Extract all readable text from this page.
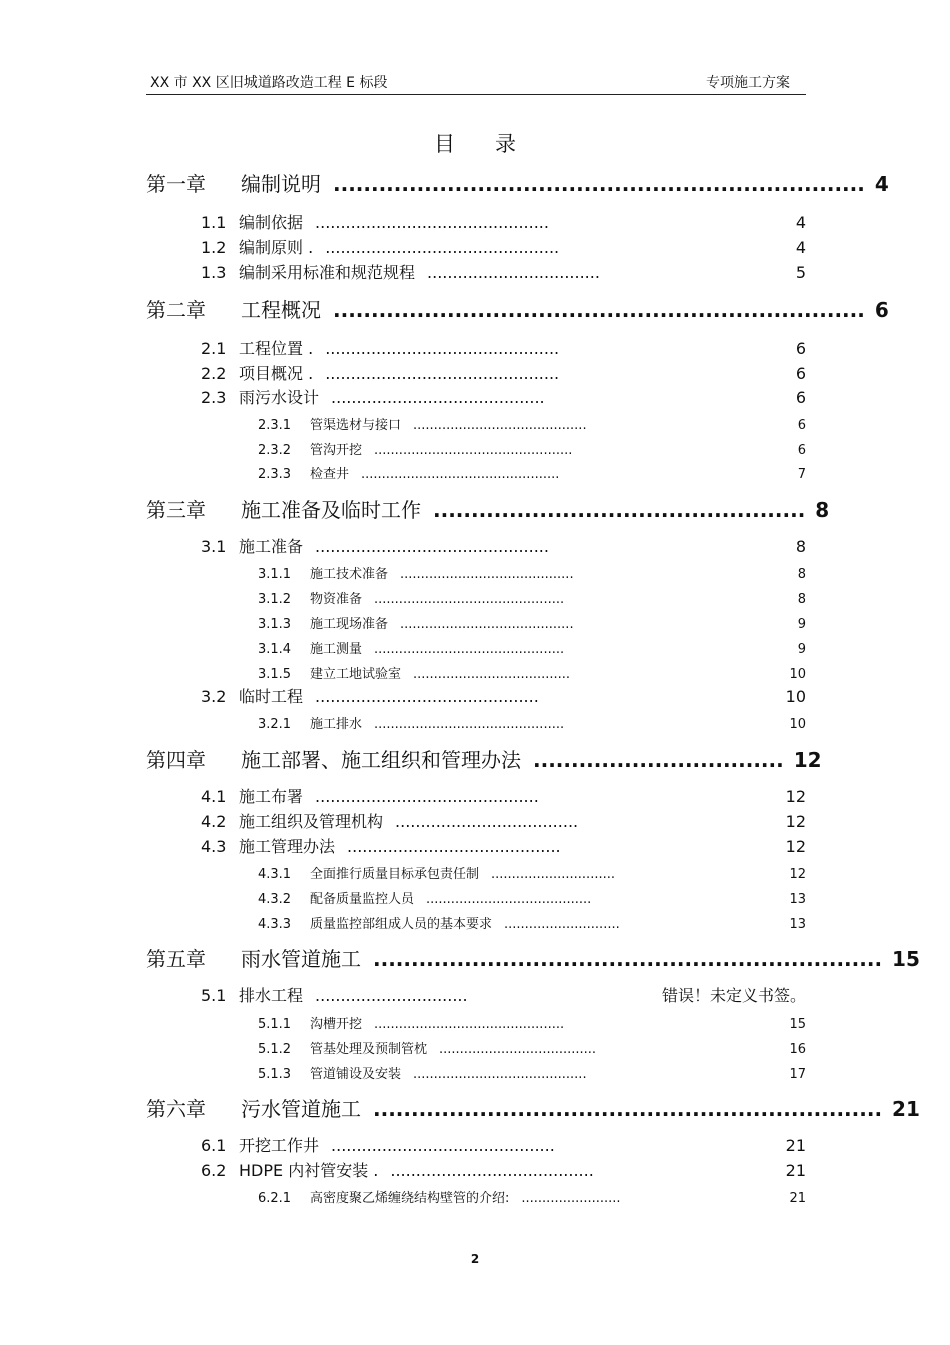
XX 市 XX 区旧城道路改造工程 E 标段	专项施工方案
目录
第一章	编制说明 ...................................................................... 4
1.1 编制依据 ..............................................	4
1.2 编制原则 . ..............................................	4
1.3 编制采用标准和规范规程 ..................................	5
第二章	工程概况 ...................................................................... 6
2.1 工程位置 . ..............................................	6
2.2 项目概况 . ..............................................	6
2.3 雨污水设计 ..........................................	6
2.3.1	管渠选材与接口 ..........................................	6
2.3.2	管沟开挖 ................................................	6
2.3.3	检查井 ................................................	7
第三章	施工准备及临时工作 ................................................. 8
3.1 施工准备 ..............................................	8
3.1.1	施工技术准备 ..........................................	8
3.1.2	物资准备 ..............................................	8
3.1.3	施工现场准备 ..........................................	9
3.1.4	施工测量 ..............................................	9
3.1.5	建立工地试验室 ......................................	10
3.2 临时工程 ............................................	10
3.2.1	施工排水 ..............................................	10
第四章	施工部署、施工组织和管理办法 ................................. 12
4.1 施工布署 ............................................	12
4.2 施工组织及管理机构 ....................................	12
4.3 施工管理办法 ..........................................	12
4.3.1	全面推行质量目标承包责任制 ..............................	12
4.3.2	配备质量监控人员 ........................................	13
4.3.3	质量监控部组成人员的基本要求 ............................	13
第五章	雨水管道施工 ................................................................... 15
5.1 排水工程 ..............................	错误！未定义书签。
5.1.1	沟槽开挖 ..............................................	15
5.1.2	管基处理及预制管枕 ......................................	16
5.1.3	管道铺设及安装 ..........................................	17
第六章	污水管道施工 ................................................................... 21
6.1 开挖工作井 ............................................	21
6.2 HDPE 内衬管安装 . ........................................	21
6.2.1	高密度聚乙烯缠绕结构壁管的介绍: ........................	21
2
